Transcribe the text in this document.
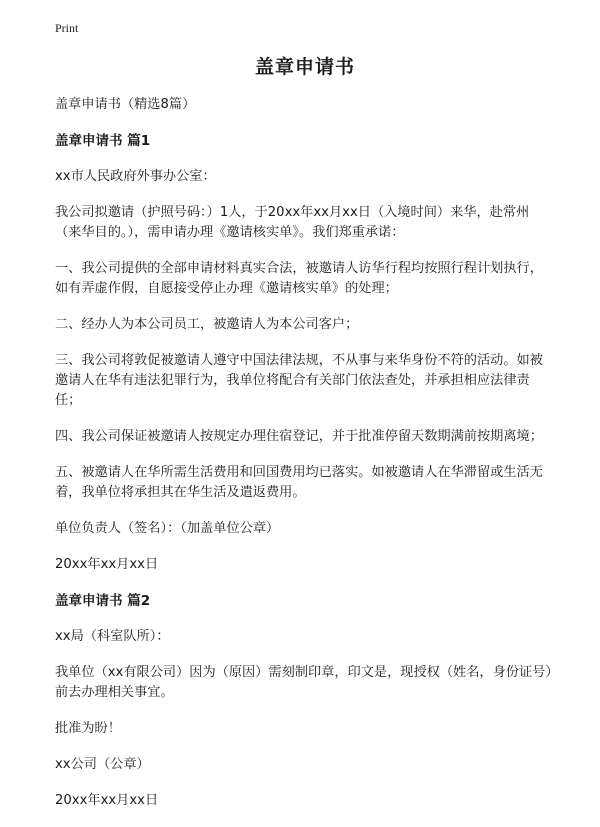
Print
盖章申请书
盖章申请书（精选8篇）
盖章申请书 篇1
xx市人民政府外事办公室：
我公司拟邀请（护照号码：）1人，于20xx年xx月xx日（入境时间）来华，赴常州（来华目的。），需申请办理《邀请核实单》。我们郑重承诺：
一、我公司提供的全部申请材料真实合法，被邀请人访华行程均按照行程计划执行，如有弄虚作假，自愿接受停止办理《邀请核实单》的处理；
二、经办人为本公司员工，被邀请人为本公司客户；
三、我公司将敦促被邀请人遵守中国法律法规，不从事与来华身份不符的活动。如被邀请人在华有违法犯罪行为，我单位将配合有关部门依法查处，并承担相应法律责任；
四、我公司保证被邀请人按规定办理住宿登记，并于批准停留天数期满前按期离境；
五、被邀请人在华所需生活费用和回国费用均已落实。如被邀请人在华滞留或生活无着，我单位将承担其在华生活及遣返费用。
单位负责人（签名）：（加盖单位公章）
20xx年xx月xx日
盖章申请书 篇2
xx局（科室队所）：
我单位（xx有限公司）因为（原因）需刻制印章，印文是，现授权（姓名，身份证号）前去办理相关事宜。
批准为盼！
xx公司（公章）
20xx年xx月xx日
